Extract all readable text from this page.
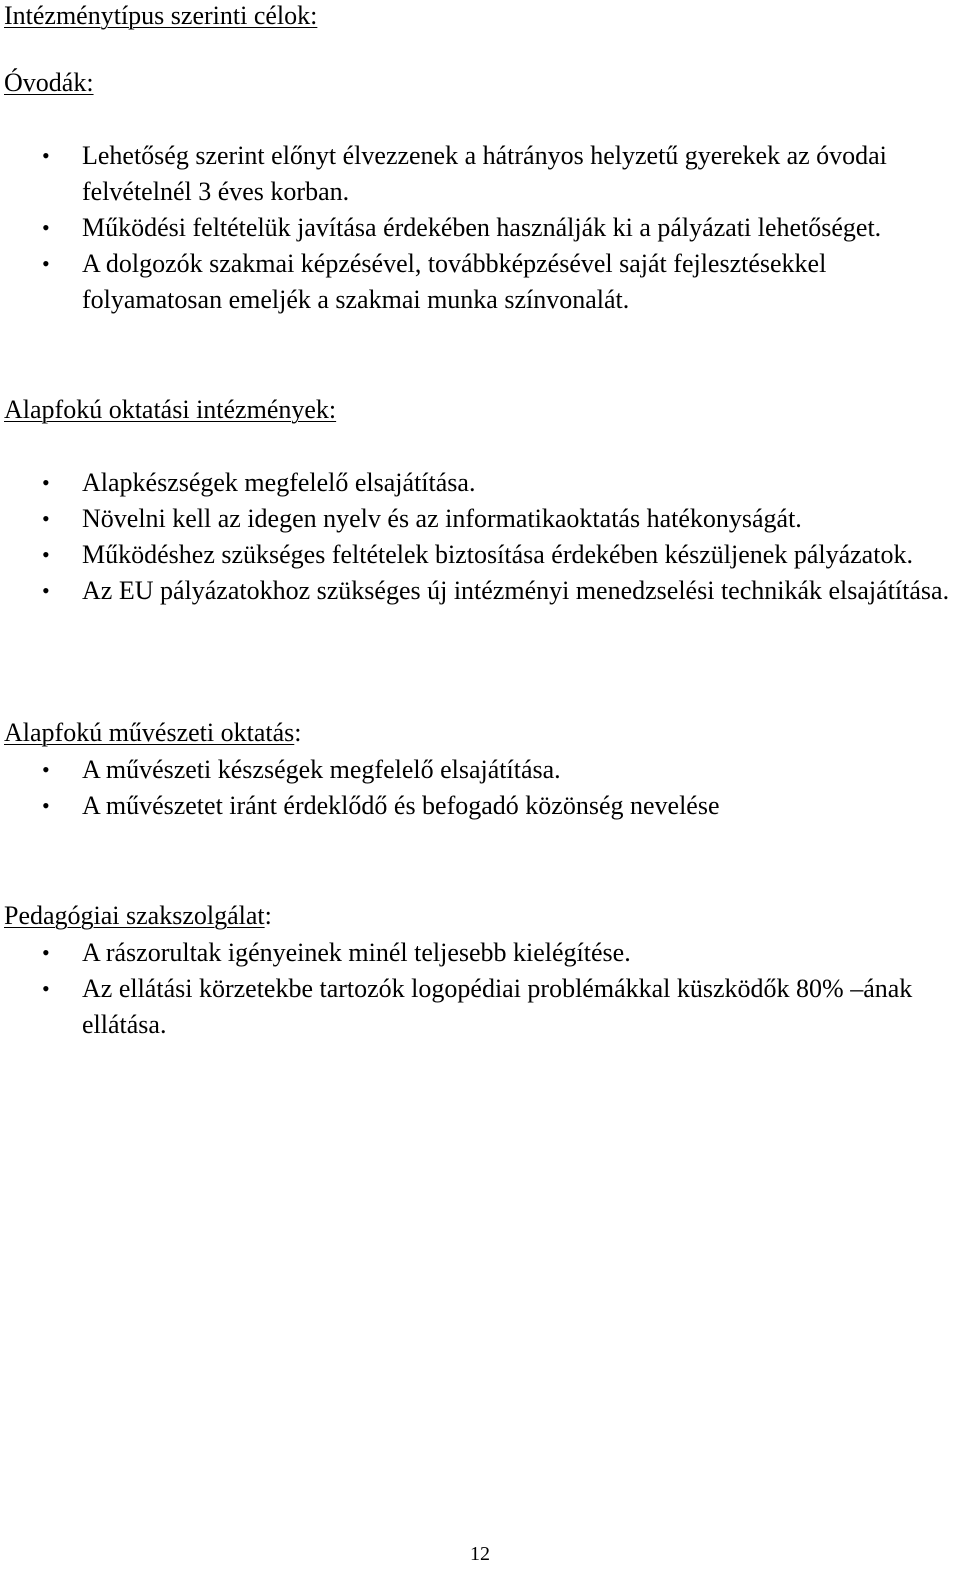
Intézménytípus szerinti célok:
Óvodák:
• Lehetőség szerint előnyt élvezzenek a hátrányos helyzetű gyerekek az óvodai felvételnél 3 éves korban.
• Működési feltételük javítása érdekében használják ki a pályázati lehetőséget.
• A dolgozók szakmai képzésével, továbbképzésével saját fejlesztésekkel folyamatosan emeljék a szakmai munka színvonalát.
Alapfokú oktatási intézmények:
• Alapkészségek megfelelő elsajátítása.
• Növelni kell az idegen nyelv és az informatikaoktatás hatékonyságát.
• Működéshez szükséges feltételek biztosítása érdekében készüljenek pályázatok.
• Az EU pályázatokhoz szükséges új intézményi menedzselési technikák elsajátítása.
Alapfokú művészeti oktatás:
• A művészeti készségek megfelelő elsajátítása.
• A művészetet iránt érdeklődő és befogadó közönség nevelése
Pedagógiai szakszolgálat:
• A rászorultak igényeinek minél teljesebb kielégítése.
• Az ellátási körzetekbe tartozók logopédiai problémákkal küszködők 80% –ának ellátása.
12
